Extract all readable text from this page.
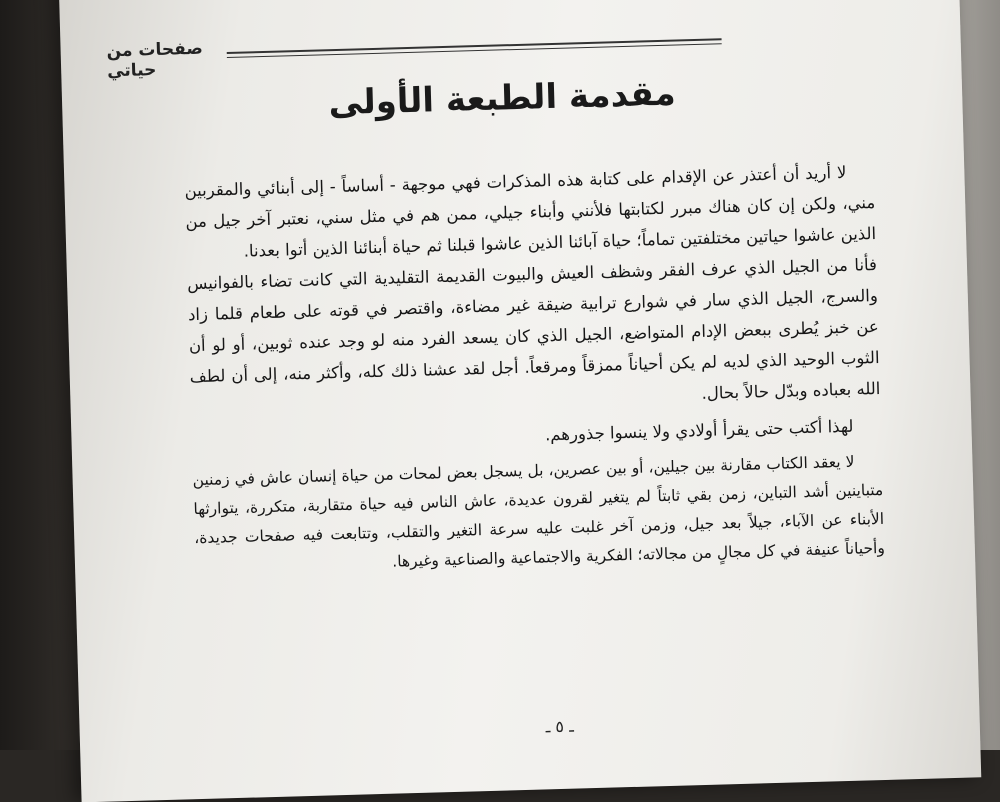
صفحات من حياتي
مقدمة الطبعة الأولى

لا أريد أن أعتذر عن الإقدام على كتابة هذه المذكرات فهي موجهة - أساساً - إلى أبنائي والمقربين مني، ولكن إن كان هناك مبرر لكتابتها فلأنني وأبناء جيلي، ممن هم في مثل سني، نعتبر آخر جيل من الذين عاشوا حياتين مختلفتين تماماً؛ حياة آبائنا الذين عاشوا قبلنا ثم حياة أبنائنا الذين أتوا بعدنا.

فأنا من الجيل الذي عرف الفقر وشظف العيش والبيوت القديمة التقليدية التي كانت تضاء بالفوانيس والسرج، الجيل الذي سار في شوارع ترابية ضيقة غير مضاءة، واقتصر في قوته على طعام قلما زاد عن خبز يُطرى ببعض الإدام المتواضع، الجيل الذي كان يسعد الفرد منه لو وجد عنده ثوبين، أو لو أن الثوب الوحيد الذي لديه لم يكن أحياناً ممزقاً ومرقعاً. أجل لقد عشنا ذلك كله، وأكثر منه، إلى أن لطف الله بعباده وبدّل حالاً بحال.

لهذا أكتب حتى يقرأ أولادي ولا ينسوا جذورهم.

لا يعقد الكتاب مقارنة بين جيلين، أو بين عصرين، بل يسجل بعض لمحات من حياة إنسان عاش في زمنين متباينين أشد التباين، زمن بقي ثابتاً لم يتغير لقرون عديدة، عاش الناس فيه حياة متقاربة، متكررة، يتوارثها الأبناء عن الآباء، جيلاً بعد جيل، وزمن آخر غلبت عليه سرعة التغير والتقلب، وتتابعت فيه صفحات جديدة، وأحياناً عنيفة في كل مجالٍ من مجالاته؛ الفكرية والاجتماعية والصناعية وغيرها.

ـ ٥ ـ
